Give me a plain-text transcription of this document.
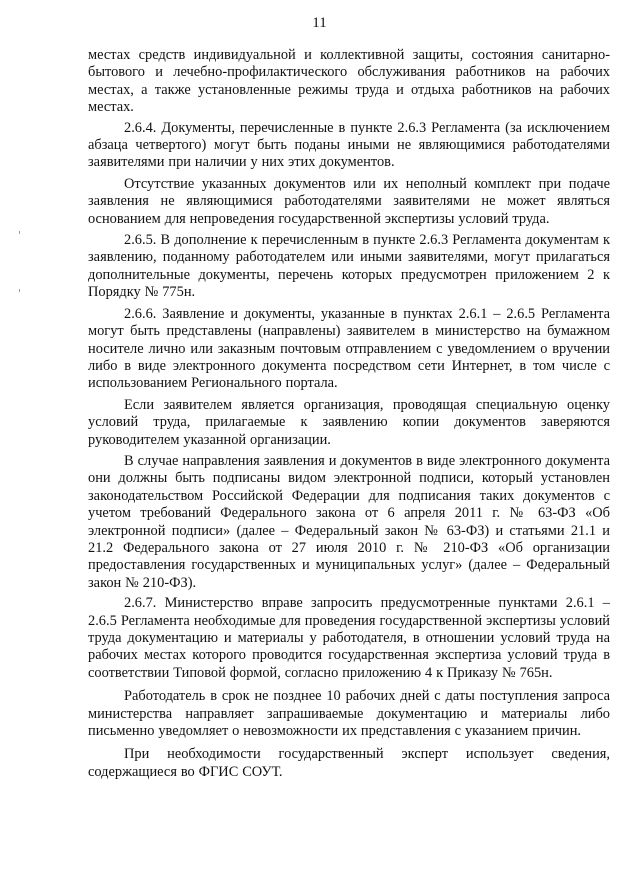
11

местах средств индивидуальной и коллективной защиты, состояния санитарно-бытового и лечебно-профилактического обслуживания работников на рабочих местах, а также установленные режимы труда и отдыха работников на рабочих местах.

2.6.4. Документы, перечисленные в пункте 2.6.3 Регламента (за исключением абзаца четвертого) могут быть поданы иными не являющимися работодателями заявителями при наличии у них этих документов.

Отсутствие указанных документов или их неполный комплект при подаче заявления не являющимися работодателями заявителями не может являться основанием для непроведения государственной экспертизы условий труда.

2.6.5. В дополнение к перечисленным в пункте 2.6.3 Регламента документам к заявлению, поданному работодателем или иными заявителями, могут прилагаться дополнительные документы, перечень которых предусмотрен приложением 2 к Порядку № 775н.

2.6.6. Заявление и документы, указанные в пунктах 2.6.1 – 2.6.5 Регламента могут быть представлены (направлены) заявителем в министерство на бумажном носителе лично или заказным почтовым отправлением с уведомлением о вручении либо в виде электронного документа посредством сети Интернет, в том числе с использованием Регионального портала.

Если заявителем является организация, проводящая специальную оценку условий труда, прилагаемые к заявлению копии документов заверяются руководителем указанной организации.

В случае направления заявления и документов в виде электронного документа они должны быть подписаны видом электронной подписи, который установлен законодательством Российской Федерации для подписания таких документов с учетом требований Федерального закона от 6 апреля 2011 г. № 63-ФЗ «Об электронной подписи» (далее – Федеральный закон № 63-ФЗ) и статьями 21.1 и 21.2 Федерального закона от 27 июля 2010 г. № 210-ФЗ «Об организации предоставления государственных и муниципальных услуг» (далее – Федеральный закон № 210-ФЗ).

2.6.7. Министерство вправе запросить предусмотренные пунктами 2.6.1 – 2.6.5 Регламента необходимые для проведения государственной экспертизы условий труда документацию и материалы у работодателя, в отношении условий труда на рабочих местах которого проводится государственная экспертиза условий труда в соответствии Типовой формой, согласно приложению 4 к Приказу № 765н.

Работодатель в срок не позднее 10 рабочих дней с даты поступления запроса министерства направляет запрашиваемые документацию и материалы либо письменно уведомляет о невозможности их представления с указанием причин.

При необходимости государственный эксперт использует сведения, содержащиеся во ФГИС СОУТ.
